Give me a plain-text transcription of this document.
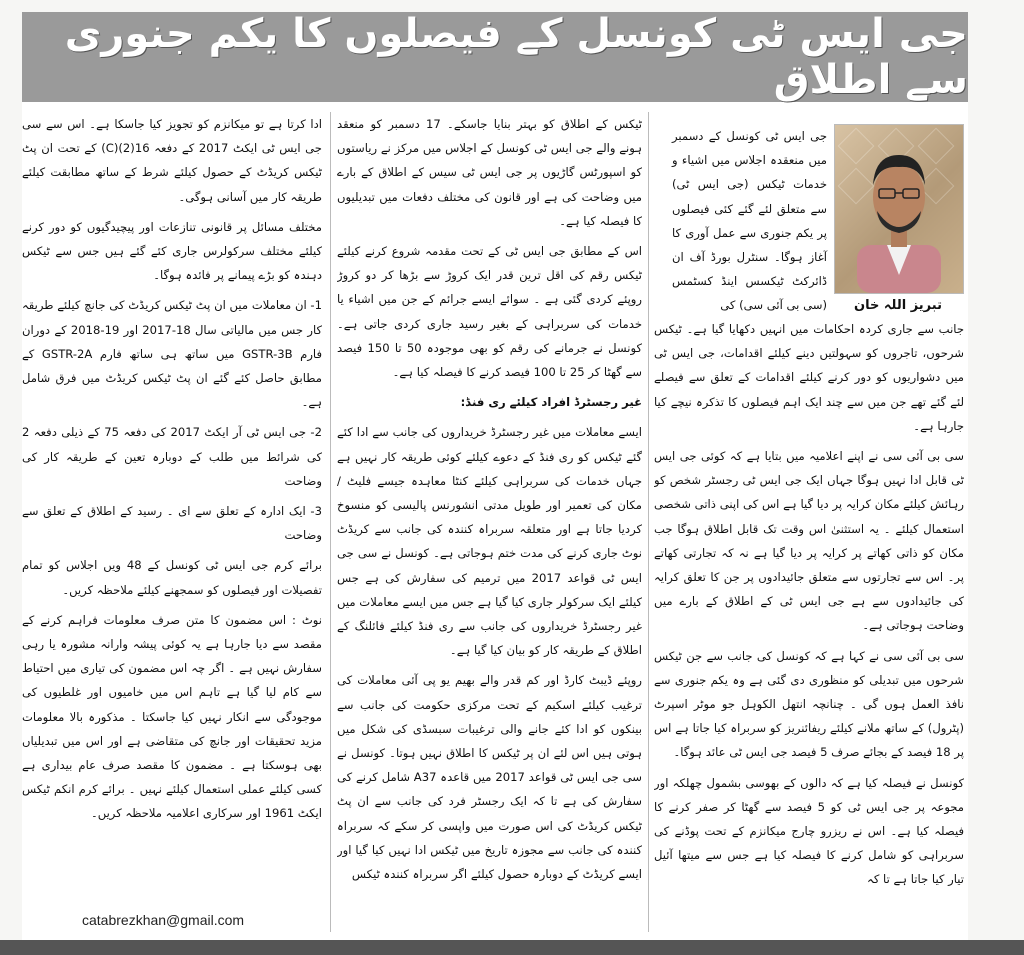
جی ایس ٹی کونسل کے فیصلوں کا یکم جنوری سے اطلاق
تبریز اللہ خان
جی ایس ٹی کونسل کے دسمبر میں منعقدہ اجلاس میں اشیاء و خدمات ٹیکس (جی ایس ٹی) سے متعلق لئے گئے کئی فیصلوں پر یکم جنوری سے عمل آوری کا آغاز ہوگا۔ سنٹرل بورڈ آف ان ڈائرکٹ ٹیکسس اینڈ کسٹمس (سی بی آئی سی) کی

جانب سے جاری کردہ احکامات میں انہیں دکھایا گیا ہے۔ ٹیکس شرحوں، تاجروں کو سہولتیں دینے کیلئے اقدامات، جی ایس ٹی میں دشواریوں کو دور کرنے کیلئے اقدامات کے تعلق سے فیصلے لئے گئے تھے جن میں سے چند ایک اہم فیصلوں کا تذکرہ نیچے کیا جارہا ہے۔

سی بی آئی سی نے اپنے اعلامیہ میں بتایا ہے کہ کوئی جی ایس ٹی قابل ادا نہیں ہوگا جہاں ایک جی ایس ٹی رجسٹر شخص کو رہائش کیلئے مکان کرایہ پر دیا گیا ہے اس کی اپنی ذاتی شخصی استعمال کیلئے ۔ یہ استثنیٰ اس وقت تک قابل اطلاق ہوگا جب مکان کو ذاتی کھاتے پر کرایہ پر دیا گیا ہے نہ کہ تجارتی کھاتے پر۔ اس سے تجارتوں سے متعلق جائیدادوں پر جن کا تعلق کرایہ کی جائیدادوں سے ہے جی ایس ٹی کے اطلاق کے بارے میں وضاحت ہوجاتی ہے۔

سی بی آئی سی نے کہا ہے کہ کونسل کی جانب سے جن ٹیکس شرحوں میں تبدیلی کو منظوری دی گئی ہے وہ یکم جنوری سے نافذ العمل ہوں گی ۔ چنانچہ انتھل الکوہل جو موٹر اسپرٹ (پٹرول) کے ساتھ ملانے کیلئے ریفائنریز کو سربراہ کیا جاتا ہے اس پر 18 فیصد کے بجائے صرف 5 فیصد جی ایس ٹی عائد ہوگا۔

کونسل نے فیصلہ کیا ہے کہ دالوں کے بھوسی بشمول چھلکہ اور مجوعہ پر جی ایس ٹی کو 5 فیصد سے گھٹا کر صفر کرنے کا فیصلہ کیا ہے۔ اس نے ریزرو چارج میکانزم کے تحت پوڈنے کی سربراہی کو شامل کرنے کا فیصلہ کیا ہے جس سے میتھا آئیل تیار کیا جاتا ہے تا کہ

ٹیکس کے اطلاق کو بہتر بنایا جاسکے۔ 17 دسمبر کو منعقد ہونے والے جی ایس ٹی کونسل کے اجلاس میں مرکز نے ریاستوں کو اسپورٹس گاڑیوں پر جی ایس ٹی سیس کے اطلاق کے بارے میں وضاحت کی ہے اور قانون کی مختلف دفعات میں تبدیلیوں کا فیصلہ کیا ہے۔

اس کے مطابق جی ایس ٹی کے تحت مقدمہ شروع کرنے کیلئے ٹیکس رقم کی اقل ترین قدر ایک کروڑ سے بڑھا کر دو کروڑ روپئے کردی گئی ہے ۔ سوائے ایسے جرائم کے جن میں اشیاء یا خدمات کی سربراہی کے بغیر رسید جاری کردی جاتی ہے۔ کونسل نے جرمانے کی رقم کو بھی موجودہ 50 تا 150 فیصد سے گھٹا کر 25 تا 100 فیصد کرنے کا فیصلہ کیا ہے۔

غیر رجسٹرڈ افراد کیلئے ری فنڈ:

ایسے معاملات میں غیر رجسٹرڈ خریداروں کی جانب سے ادا کئے گئے ٹیکس کو ری فنڈ کے دعوے کیلئے کوئی طریقہ کار نہیں ہے جہاں خدمات کی سربراہی کیلئے کنٹا معاہدہ جیسے فلیٹ / مکان کی تعمیر اور طویل مدتی انشورنس پالیسی کو منسوخ کردیا جاتا ہے اور متعلقہ سربراہ کنندہ کی جانب سے کریڈٹ نوٹ جاری کرنے کی مدت ختم ہوجاتی ہے۔ کونسل نے سی جی ایس ٹی قواعد 2017 میں ترمیم کی سفارش کی ہے جس کیلئے ایک سرکولر جاری کیا گیا ہے جس میں ایسے معاملات میں غیر رجسٹرڈ خریداروں کی جانب سے ری فنڈ کیلئے فائلنگ کے اطلاق کے طریقہ کار کو بیان کیا گیا ہے۔

روپئے ڈیبٹ کارڈ اور کم قدر والے بھیم یو پی آئی معاملات کی ترغیب کیلئے اسکیم کے تحت مرکزی حکومت کی جانب سے بینکوں کو ادا کئے جانے والی ترغیبات سبسڈی کی شکل میں ہوتی ہیں اس لئے ان پر ٹیکس کا اطلاق نہیں ہوتا۔ کونسل نے سی جی ایس ٹی قواعد 2017 میں قاعدہ A37 شامل کرنے کی سفارش کی ہے تا کہ ایک رجسٹر فرد کی جانب سے ان پٹ ٹیکس کریڈٹ کی اس صورت میں واپسی کر سکے کہ سربراہ کنندہ کی جانب سے مجوزہ تاریخ میں ٹیکس ادا نہیں کیا گیا اور ایسے کریڈٹ کے دوبارہ حصول کیلئے اگر سربراہ کنندہ ٹیکس

ادا کرتا ہے تو میکانزم کو تجویز کیا جاسکا ہے۔ اس سے سی جی ایس ٹی ایکٹ 2017 کے دفعہ 16(2)(C) کے تحت ان پٹ ٹیکس کریڈٹ کے حصول کیلئے شرط کے ساتھ مطابقت کیلئے طریقہ کار میں آسانی ہوگی۔

مختلف مسائل پر قانونی تنازعات اور پیچیدگیوں کو دور کرنے کیلئے مختلف سرکولرس جاری کئے گئے ہیں جس سے ٹیکس دہندہ کو بڑے پیمانے پر فائدہ ہوگا۔

1- ان معاملات میں ان پٹ ٹیکس کریڈٹ کی جانچ کیلئے طریقہ کار جس میں مالیاتی سال 18-2017 اور 19-2018 کے دوران فارم GSTR-3B میں ساتھ ہی ساتھ فارم GSTR-2A کے مطابق حاصل کئے گئے ان پٹ ٹیکس کریڈٹ میں فرق شامل ہے۔

2- جی ایس ٹی آر ایکٹ 2017 کی دفعہ 75 کے ذیلی دفعہ 2 کی شرائط میں طلب کے دوبارہ تعین کے طریقہ کار کی وضاحت

3- ایک ادارہ کے تعلق سے ای ۔ رسید کے اطلاق کے تعلق سے وضاحت

برائے کرم جی ایس ٹی کونسل کے 48 ویں اجلاس کو تمام تفصیلات اور فیصلوں کو سمجھنے کیلئے ملاحظہ کریں۔

نوٹ : اس مضمون کا متن صرف معلومات فراہم کرنے کے مقصد سے دیا جارہا ہے یہ کوئی پیشہ وارانہ مشورہ یا رہی سفارش نہیں ہے ۔ اگر چہ اس مضمون کی تیاری میں احتیاط سے کام لیا گیا ہے تاہم اس میں خامیوں اور غلطیوں کی موجودگی سے انکار نہیں کیا جاسکتا ۔ مذکورہ بالا معلومات مزید تحقیقات اور جانچ کی متقاضی ہے اور اس میں تبدیلیاں بھی ہوسکتا ہے ۔ مضمون کا مقصد صرف عام بیداری ہے کسی کیلئے عملی استعمال کیلئے نہیں ۔ برائے کرم انکم ٹیکس ایکٹ 1961 اور سرکاری اعلامیہ ملاحظہ کریں۔

catabrezkhan@gmail.com
